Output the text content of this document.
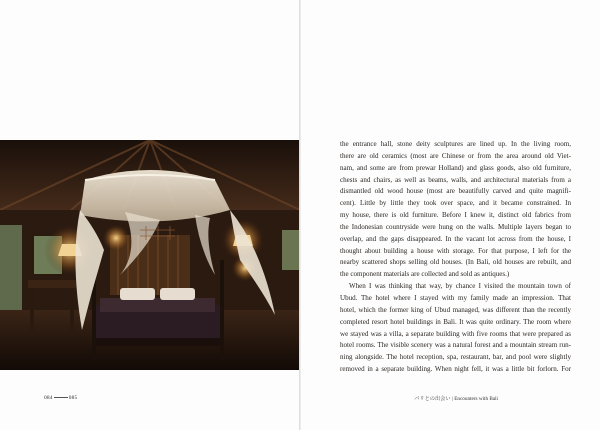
084	085
the entrance hall, stone deity sculptures are lined up. In the living room,
there are old ceramics (most are Chinese or from the area around old Viet-
nam, and some are from prewar Holland) and glass goods, also old furniture,
chests and chairs, as well as beams, walls, and architectural materials from a
dismantled old wood house (most are beautifully carved and quite magnifi-
cent). Little by little they took over space, and it became constrained. In
my house, there is old furniture. Before I knew it, distinct old fabrics from
the Indonesian countryside were hung on the walls. Multiple layers began to
overlap, and the gaps disappeared. In the vacant lot across from the house, I
thought about building a house with storage. For that purpose, I left for the
nearby scattered shops selling old houses. (In Bali, old houses are rebuilt, and
the component materials are collected and sold as antiques.)
When I was thinking that way, by chance I visited the mountain town of
Ubud. The hotel where I stayed with my family made an impression. That
hotel, which the former king of Ubud managed, was different than the recently
completed resort hotel buildings in Bali. It was quite ordinary. The room where
we stayed was a villa, a separate building with five rooms that were prepared as
hotel rooms. The visible scenery was a natural forest and a mountain stream run-
ning alongside. The hotel reception, spa, restaurant, bar, and pool were slightly
removed in a separate building. When night fell, it was a little bit forlorn. For
バリとの出会い | Encounters with Bali
